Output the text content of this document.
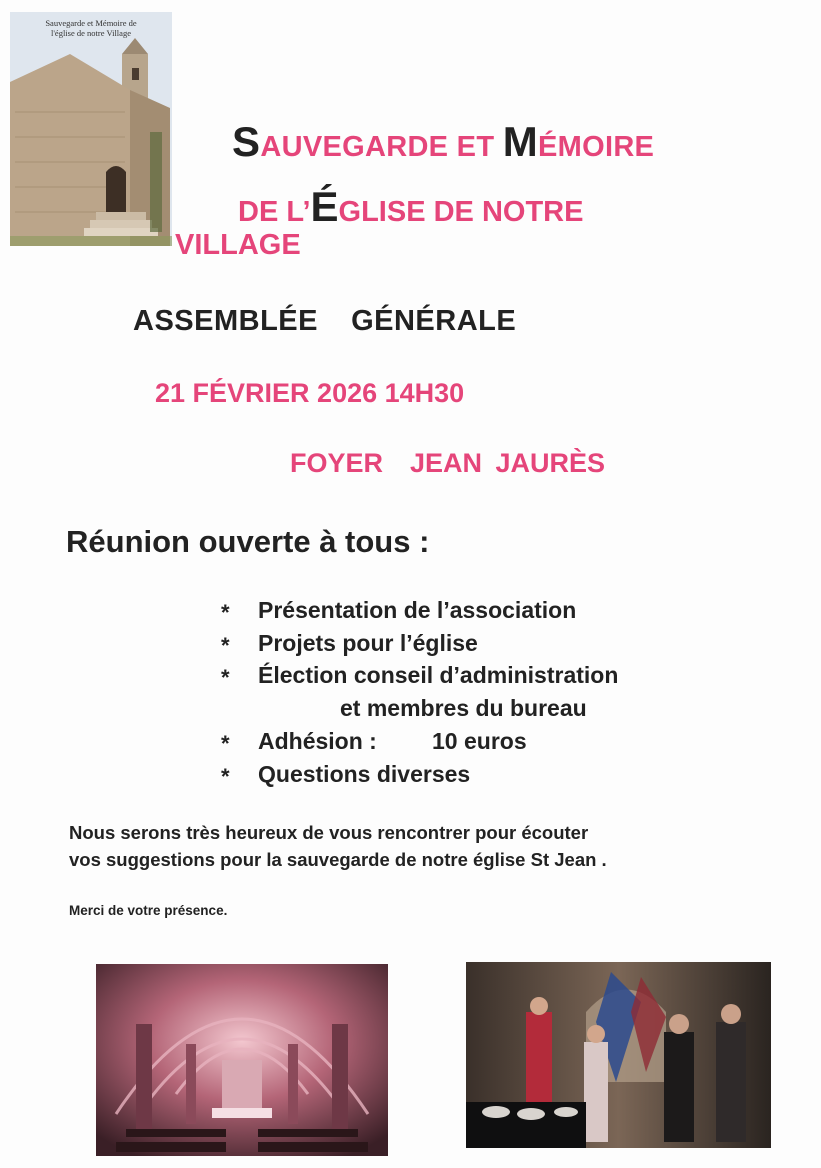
Sauvegarde et Mémoire de
l'église de notre Village
SAUVEGARDE ET MÉMOIRE
DE L’ÉGLISE DE NOTRE
VILLAGE
ASSEMBLÉE  GÉNÉRALE
21 FÉVRIER 2026 14H30
FOYER  JEAN JAURÈS
Réunion ouverte à tous :
* Présentation de l’association
* Projets pour l’église
* Élection conseil d’administration
et membres du bureau
* Adhésion : 10 euros
* Questions diverses
Nous serons très heureux de vous rencontrer pour écouter
vos suggestions pour la sauvegarde de notre église St Jean .
Merci de votre présence.
